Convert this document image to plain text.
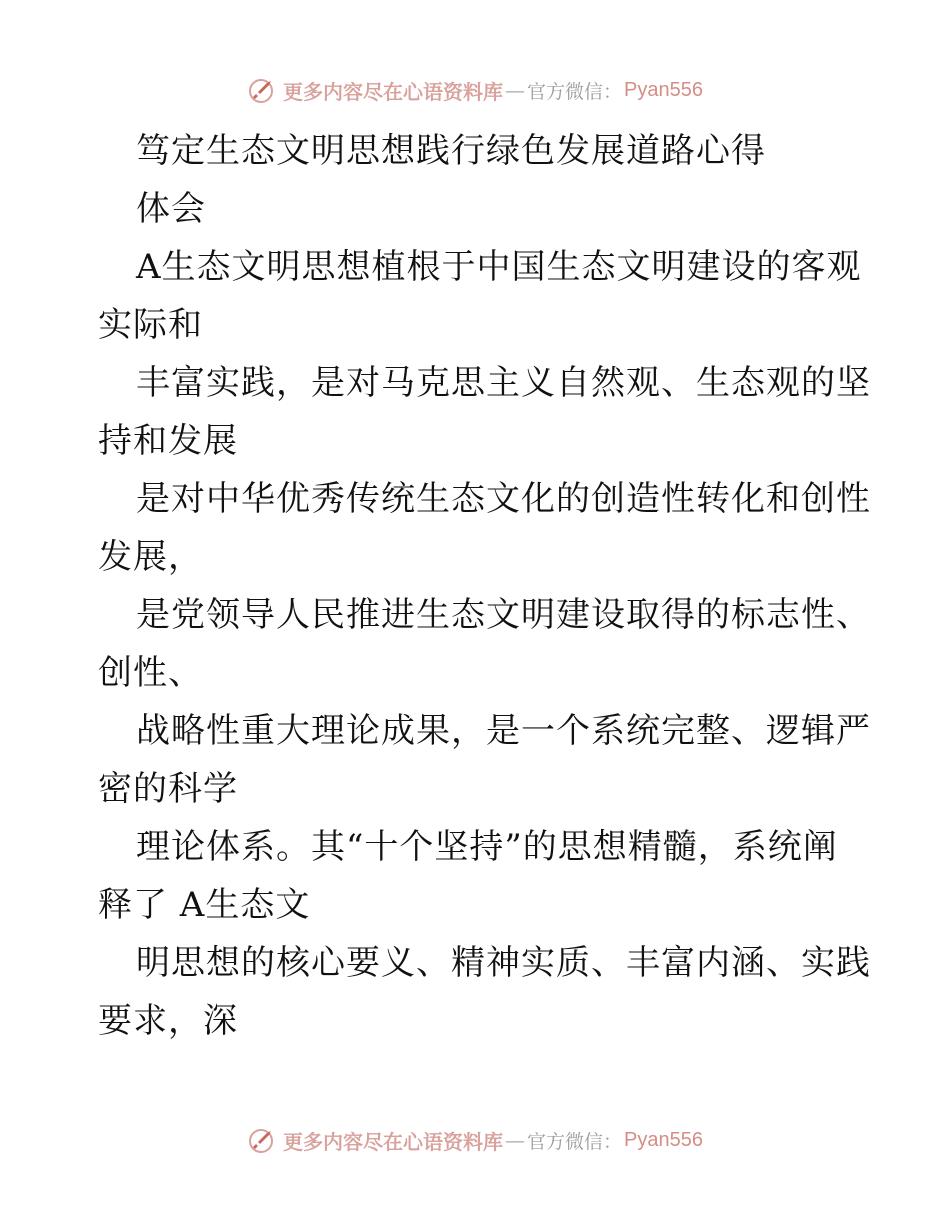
更多内容尽在心语资料库 — 官方微信： Pyan556
笃定生态文明思想践行绿色发展道路心得
体会
A生态文明思想植根于中国生态文明建设的客观
实际和
丰富实践，是对马克思主义自然观、生态观的坚
持和发展
是对中华优秀传统生态文化的创造性转化和创性
发展，
是党领导人民推进生态文明建设取得的标志性、
创性、
战略性重大理论成果，是一个系统完整、逻辑严
密的科学
理论体系。其“十个坚持”的思想精髓，系统阐
释了 A生态文
明思想的核心要义、精神实质、丰富内涵、实践
要求，深
更多内容尽在心语资料库 — 官方微信： Pyan556
